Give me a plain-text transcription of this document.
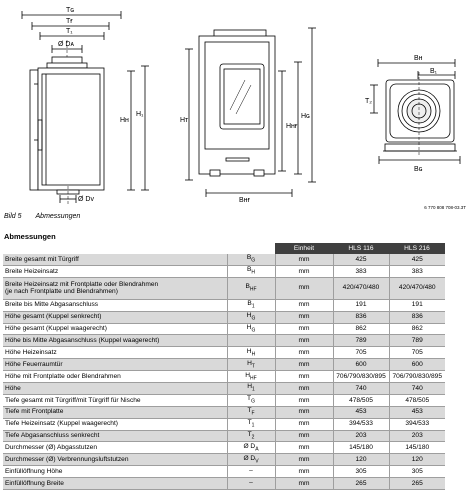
Tɢ
Tғ
T₁
Ø Dᴀ
Ø Dᴠ
Hн
H₁
Hт
Hнғ
Hɢ
Bнғ
Bн
B₁
T₂
Bɢ
6 770 808 708-03.3T
Bild 5 Abmessungen
Abmessungen
		Einheit	HLS 116	HLS 216
Breite gesamt mit Türgriff	$B_G$	mm	425	425
Breite Heizeinsatz	$B_H$	mm	383	383
Breite Heizeinsatz mit Frontplatte oder Blendrahmen
(je nach Frontplatte und Blendrahmen)	$B_{HF}$	mm	420/470/480	420/470/480
Breite bis Mitte Abgasanschluss	$B_1$	mm	191	191
Höhe gesamt (Kuppel senkrecht)	$H_G$	mm	836	836
Höhe gesamt (Kuppel waagerecht)	$H_G$	mm	862	862
Höhe bis Mitte Abgasanschluss (Kuppel waagerecht)		mm	789	789
Höhe Heizeinsatz	$H_H$	mm	705	705
Höhe Feuerraumtür	$H_T$	mm	600	600
Höhe mit Frontplatte oder Blendrahmen	$H_{HF}$	mm	706/790/830/895	706/790/830/895
Höhe	$H_1$	mm	740	740
Tiefe gesamt mit Türgriff/mit Türgriff für Nische	$T_G$	mm	478/505	478/505
Tiefe mit Frontplatte	$T_F$	mm	453	453
Tiefe Heizeinsatz (Kuppel waagerecht)	$T_1$	mm	394/533	394/533
Tiefe Abgasanschluss senkrecht	$T_2$	mm	203	203
Durchmesser (Ø) Abgasstutzen	Ø $D_A$	mm	145/180	145/180
Durchmesser (Ø) Verbrennungsluftstutzen	Ø $D_V$	mm	120	120
Einfüllöffnung Höhe	–	mm	305	305
Einfüllöffnung Breite	–	mm	265	265
